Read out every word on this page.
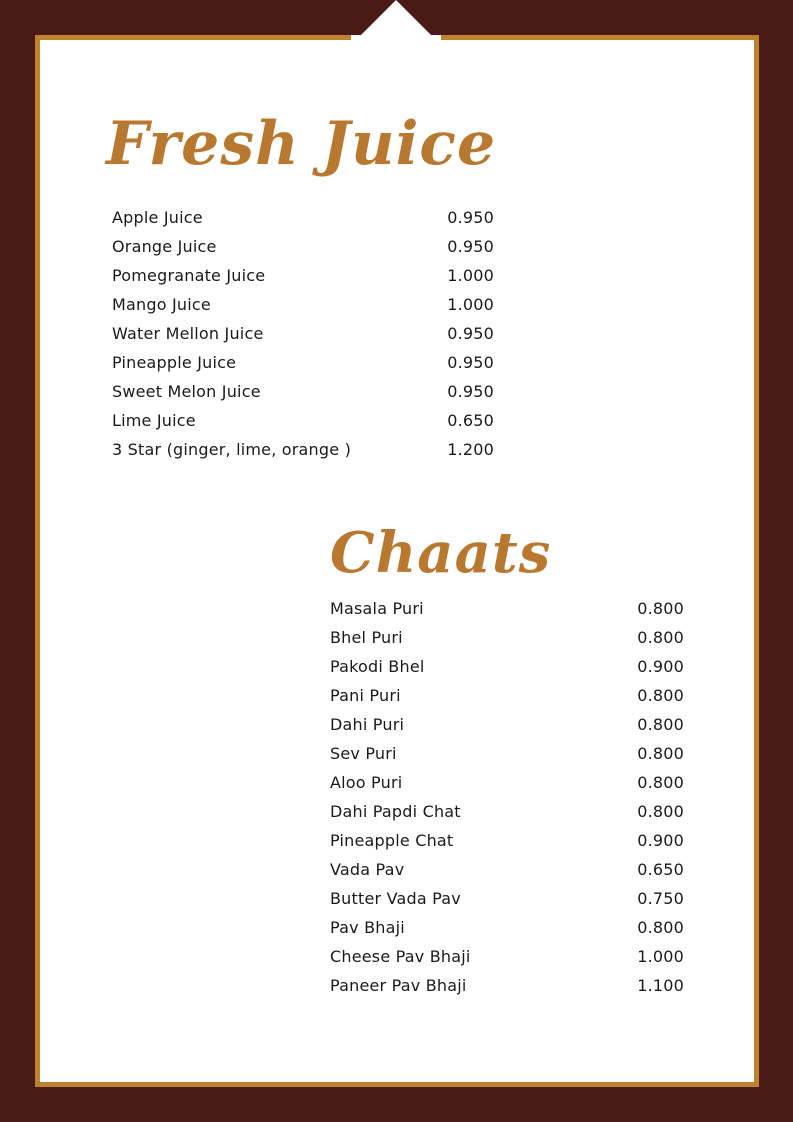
Fresh Juice
Apple Juice	0.950
Orange Juice	0.950
Pomegranate Juice	1.000
Mango Juice	1.000
Water Mellon Juice	0.950
Pineapple Juice	0.950
Sweet Melon Juice	0.950
Lime Juice	0.650
3 Star (ginger, lime, orange )	1.200
Chaats
Masala Puri	0.800
Bhel Puri	0.800
Pakodi Bhel	0.900
Pani Puri	0.800
Dahi Puri	0.800
Sev Puri	0.800
Aloo Puri	0.800
Dahi Papdi Chat	0.800
Pineapple Chat	0.900
Vada Pav	0.650
Butter Vada Pav	0.750
Pav Bhaji	0.800
Cheese Pav Bhaji	1.000
Paneer Pav Bhaji	1.100
